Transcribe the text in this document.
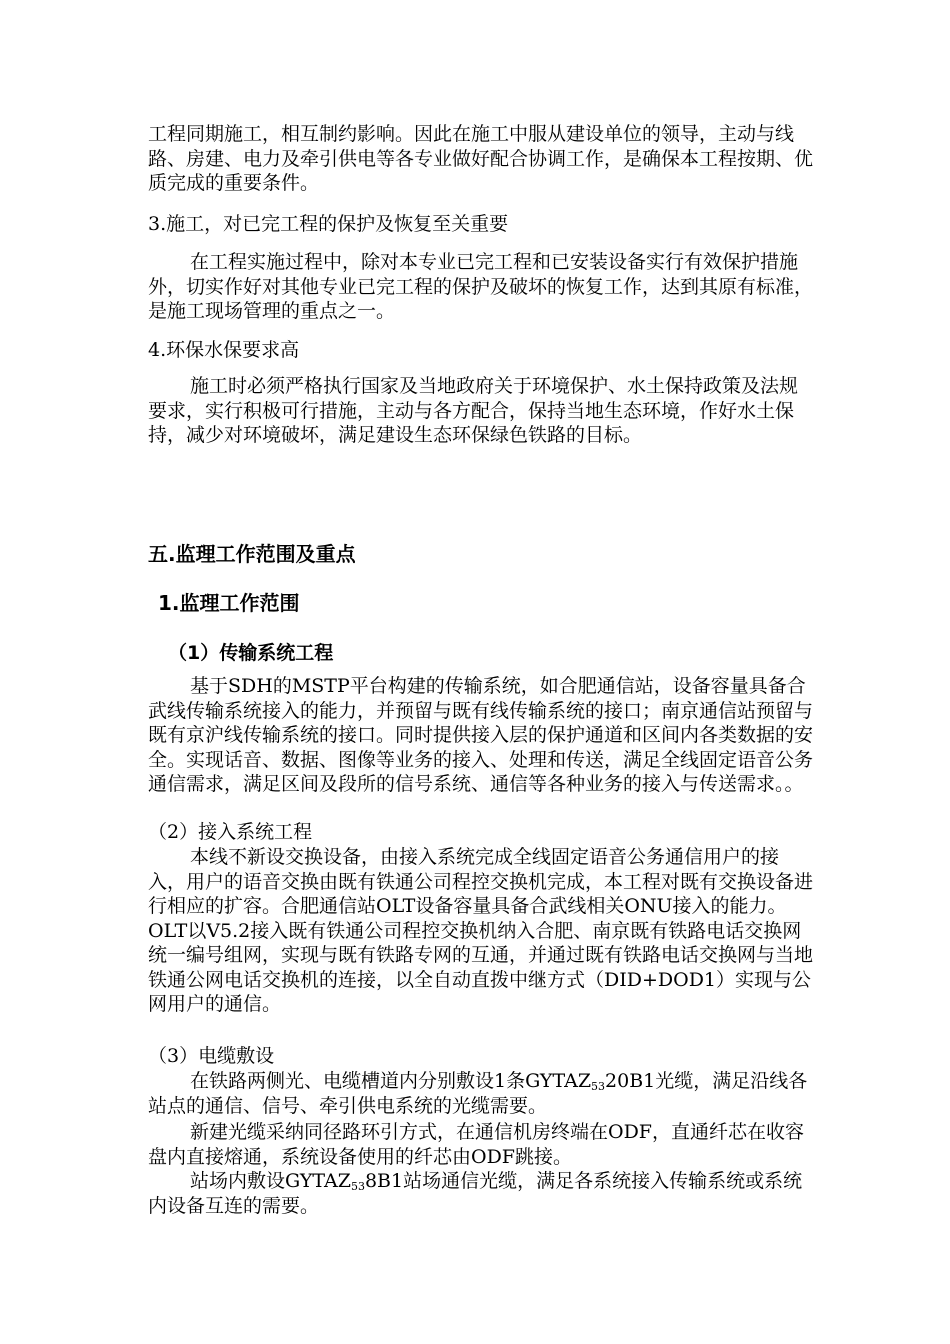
工程同期施工，相互制约影响。因此在施工中服从建设单位的领导，主动与线路、房建、电力及牵引供电等各专业做好配合协调工作，是确保本工程按期、优质完成的重要条件。

3.施工，对已完工程的保护及恢复至关重要

在工程实施过程中，除对本专业已完工程和已安装设备实行有效保护措施外，切实作好对其他专业已完工程的保护及破坏的恢复工作，达到其原有标准，是施工现场管理的重点之一。

4.环保水保要求高

施工时必须严格执行国家及当地政府关于环境保护、水土保持政策及法规要求，实行积极可行措施，主动与各方配合，保持当地生态环境，作好水土保持，减少对环境破坏，满足建设生态环保绿色铁路的目标。

五.监理工作范围及重点
1.监理工作范围
（1）传输系统工程

基于SDH的MSTP平台构建的传输系统，如合肥通信站，设备容量具备合武线传输系统接入的能力，并预留与既有线传输系统的接口；南京通信站预留与既有京沪线传输系统的接口。同时提供接入层的保护通道和区间内各类数据的安全。实现话音、数据、图像等业务的接入、处理和传送，满足全线固定语音公务通信需求，满足区间及段所的信号系统、通信等各种业务的接入与传送需求。。

（2）接入系统工程

本线不新设交换设备，由接入系统完成全线固定语音公务通信用户的接入，用户的语音交换由既有铁通公司程控交换机完成，本工程对既有交换设备进行相应的扩容。合肥通信站OLT设备容量具备合武线相关ONU接入的能力。OLT以V5.2接入既有铁通公司程控交换机纳入合肥、南京既有铁路电话交换网统一编号组网，实现与既有铁路专网的互通，并通过既有铁路电话交换网与当地铁通公网电话交换机的连接，以全自动直拨中继方式（DID+DOD1）实现与公网用户的通信。

（3）电缆敷设

在铁路两侧光、电缆槽道内分别敷设1条$GYTAZ_{53}20B1$光缆，满足沿线各站点的通信、信号、牵引供电系统的光缆需要。

新建光缆采纳同径路环引方式，在通信机房终端在ODF，直通纤芯在收容盘内直接熔通，系统设备使用的纤芯由ODF跳接。

站场内敷设$GYTAZ_{53}8B1$站场通信光缆，满足各系统接入传输系统或系统内设备互连的需要。
